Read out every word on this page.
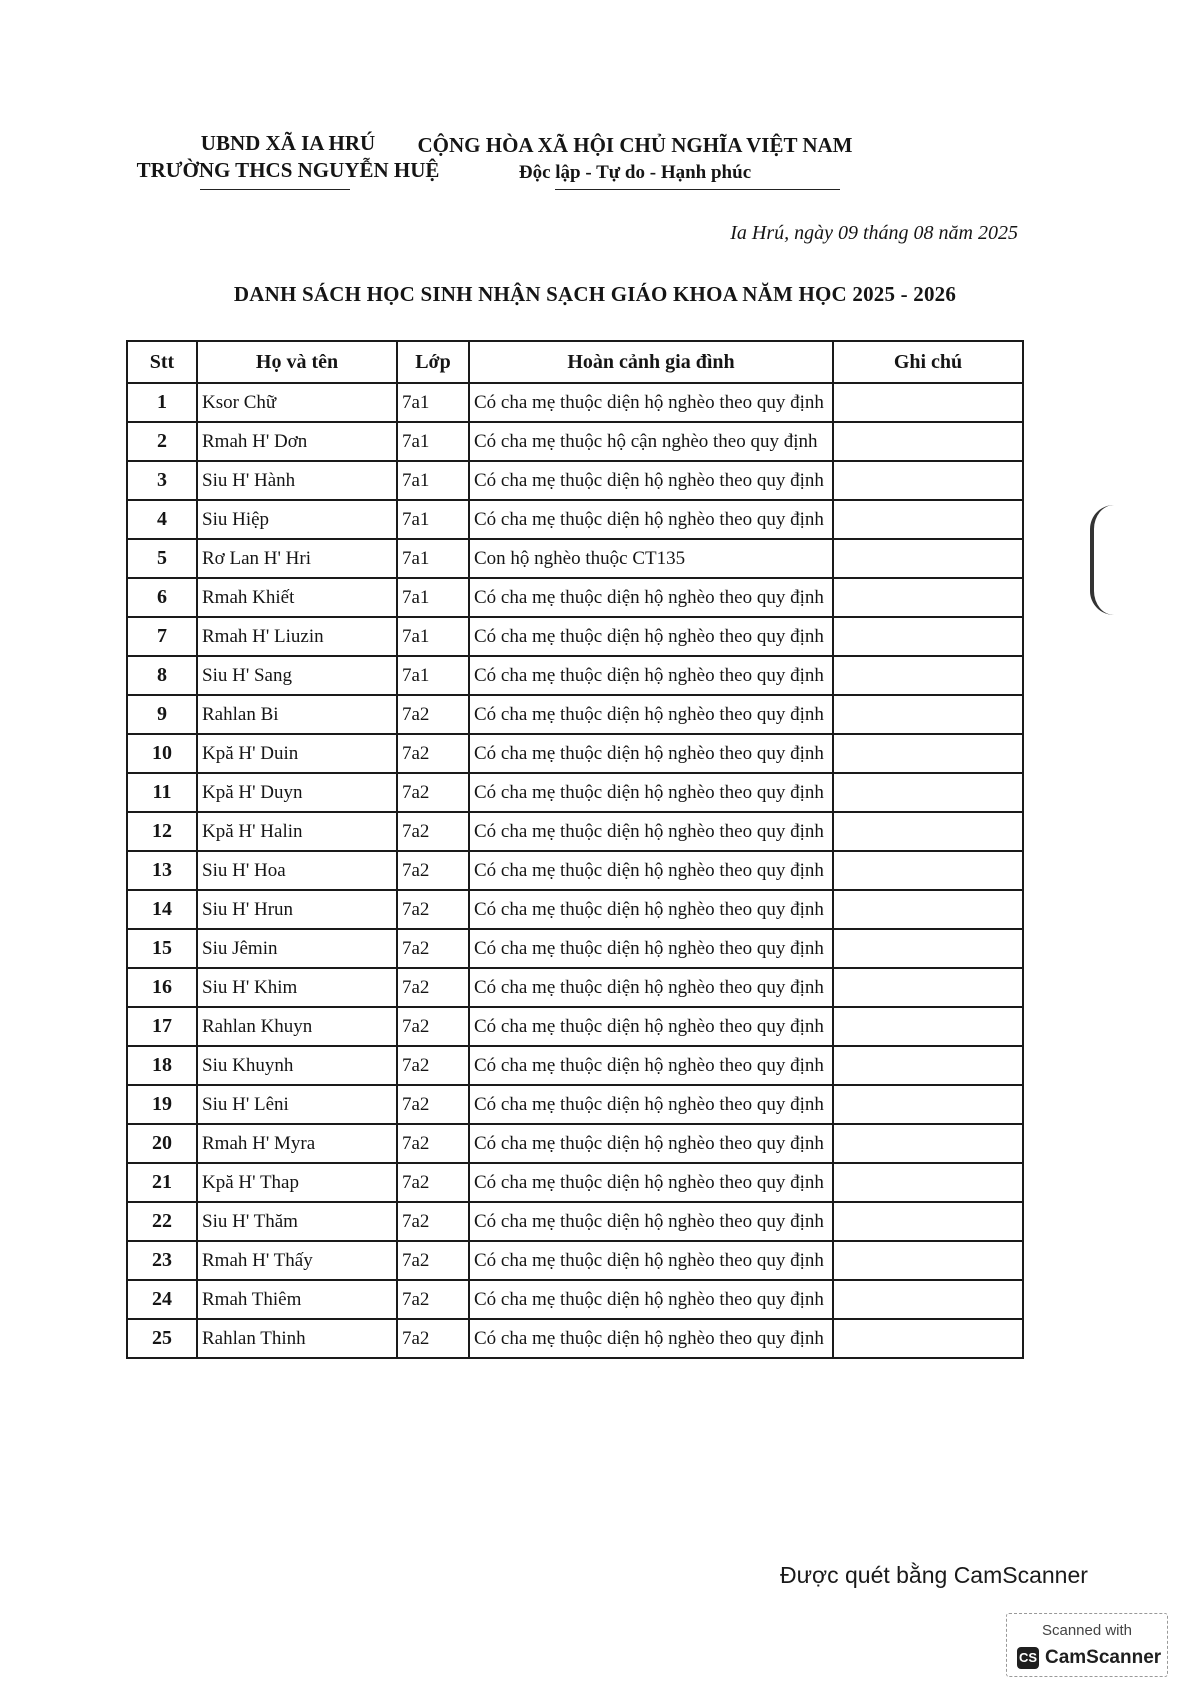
UBND XÃ IA HRÚ
TRƯỜNG THCS NGUYỄN HUỆ
CỘNG HÒA XÃ HỘI CHỦ NGHĨA VIỆT NAM
Độc lập - Tự do - Hạnh phúc
Ia Hrú, ngày 09 tháng 08 năm 2025
DANH SÁCH HỌC SINH NHẬN SẠCH GIÁO KHOA NĂM HỌC 2025 - 2026
Stt	Họ và tên	Lớp	Hoàn cảnh gia đình	Ghi chú
1	Ksor Chữ	7a1	Có cha mẹ thuộc diện hộ nghèo theo quy định	
2	Rmah H' Dơn	7a1	Có cha mẹ thuộc hộ cận nghèo theo quy định	
3	Siu H' Hành	7a1	Có cha mẹ thuộc diện hộ nghèo theo quy định	
4	Siu Hiệp	7a1	Có cha mẹ thuộc diện hộ nghèo theo quy định	
5	Rơ Lan H' Hri	7a1	Con hộ nghèo thuộc CT135	
6	Rmah Khiết	7a1	Có cha mẹ thuộc diện hộ nghèo theo quy định	
7	Rmah H' Liuzin	7a1	Có cha mẹ thuộc diện hộ nghèo theo quy định	
8	Siu H' Sang	7a1	Có cha mẹ thuộc diện hộ nghèo theo quy định	
9	Rahlan Bi	7a2	Có cha mẹ thuộc diện hộ nghèo theo quy định	
10	Kpă H' Duin	7a2	Có cha mẹ thuộc diện hộ nghèo theo quy định	
11	Kpă H' Duyn	7a2	Có cha mẹ thuộc diện hộ nghèo theo quy định	
12	Kpă H' Halin	7a2	Có cha mẹ thuộc diện hộ nghèo theo quy định	
13	Siu H' Hoa	7a2	Có cha mẹ thuộc diện hộ nghèo theo quy định	
14	Siu H' Hrun	7a2	Có cha mẹ thuộc diện hộ nghèo theo quy định	
15	Siu Jêmin	7a2	Có cha mẹ thuộc diện hộ nghèo theo quy định	
16	Siu H' Khim	7a2	Có cha mẹ thuộc diện hộ nghèo theo quy định	
17	Rahlan Khuyn	7a2	Có cha mẹ thuộc diện hộ nghèo theo quy định	
18	Siu Khuynh	7a2	Có cha mẹ thuộc diện hộ nghèo theo quy định	
19	Siu H' Lêni	7a2	Có cha mẹ thuộc diện hộ nghèo theo quy định	
20	Rmah H' Myra	7a2	Có cha mẹ thuộc diện hộ nghèo theo quy định	
21	Kpă H' Thap	7a2	Có cha mẹ thuộc diện hộ nghèo theo quy định	
22	Siu H' Thăm	7a2	Có cha mẹ thuộc diện hộ nghèo theo quy định	
23	Rmah H' Thấy	7a2	Có cha mẹ thuộc diện hộ nghèo theo quy định	
24	Rmah Thiêm	7a2	Có cha mẹ thuộc diện hộ nghèo theo quy định	
25	Rahlan Thinh	7a2	Có cha mẹ thuộc diện hộ nghèo theo quy định	
Được quét bằng CamScanner
Scanned with
CS CamScanner
